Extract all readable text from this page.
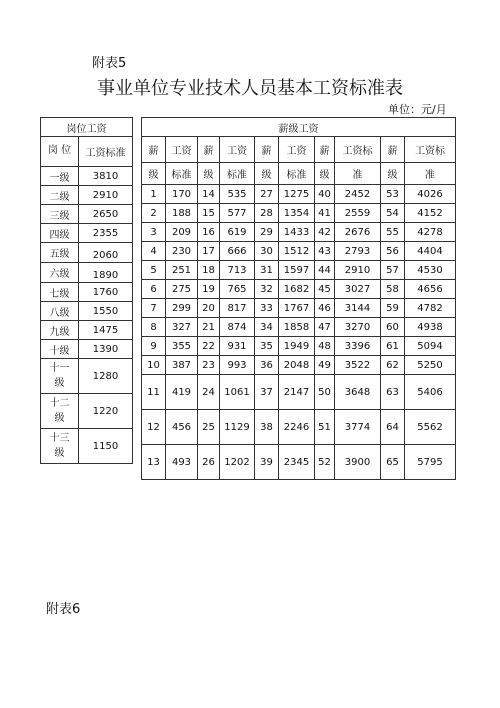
附表5
事业单位专业技术人员基本工资标准表
单位：元/月
岗位工资	
岗 位	工资标准

一级	3810
二级	2910
三级	2650
四级	2355
五级	2060
六级	1890
七级	1760
八级	1550
九级	1475
十级	1390

十一
级	1280

十二
级	1220

十三
级	1150
薪级工资									
薪	工资	薪	工资	薪	工资	薪	工资标	薪	工资标
级	标准	级	标准	级	标准	级	准	级	准
1	170	14	535	27	1275	40	2452	53	4026
2	188	15	577	28	1354	41	2559	54	4152
3	209	16	619	29	1433	42	2676	55	4278
4	230	17	666	30	1512	43	2793	56	4404
5	251	18	713	31	1597	44	2910	57	4530
6	275	19	765	32	1682	45	3027	58	4656
7	299	20	817	33	1767	46	3144	59	4782
8	327	21	874	34	1858	47	3270	60	4938
9	355	22	931	35	1949	48	3396	61	5094
10	387	23	993	36	2048	49	3522	62	5250
11	419	24	1061	37	2147	50	3648	63	5406
12	456	25	1129	38	2246	51	3774	64	5562
13	493	26	1202	39	2345	52	3900	65	5795
附表6
